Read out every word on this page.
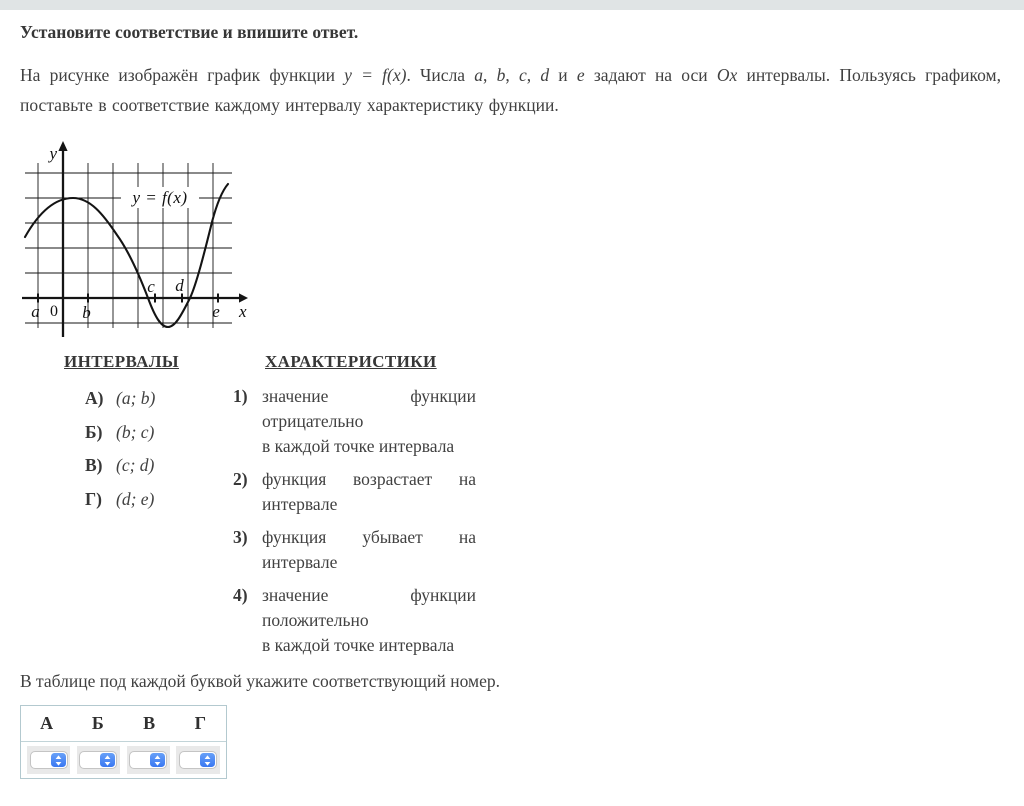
Установите соответствие и впишите ответ.
На рисунке изображён график функции y = f(x). Числа a, b, c, d и e задают на оси Ox интервалы. Пользуясь графиком,
поставьте в соответствие каждому интервалу характеристику функции.
y
x
0
a	b
c d
e
y = f(x)
ИНТЕРВАЛЫ	ХАРАКТЕРИСТИКИ
А) (a; b)
Б) (b; c)
В) (c; d)
Г) (d; e)
1) значение функции
отрицательно
в каждой точке интервала
2) функция возрастает на
интервале
3) функция убывает на
интервале
4) значение функции
положительно
в каждой точке интервала
В таблице под каждой буквой укажите соответствующий номер.
А	Б	В	Г
